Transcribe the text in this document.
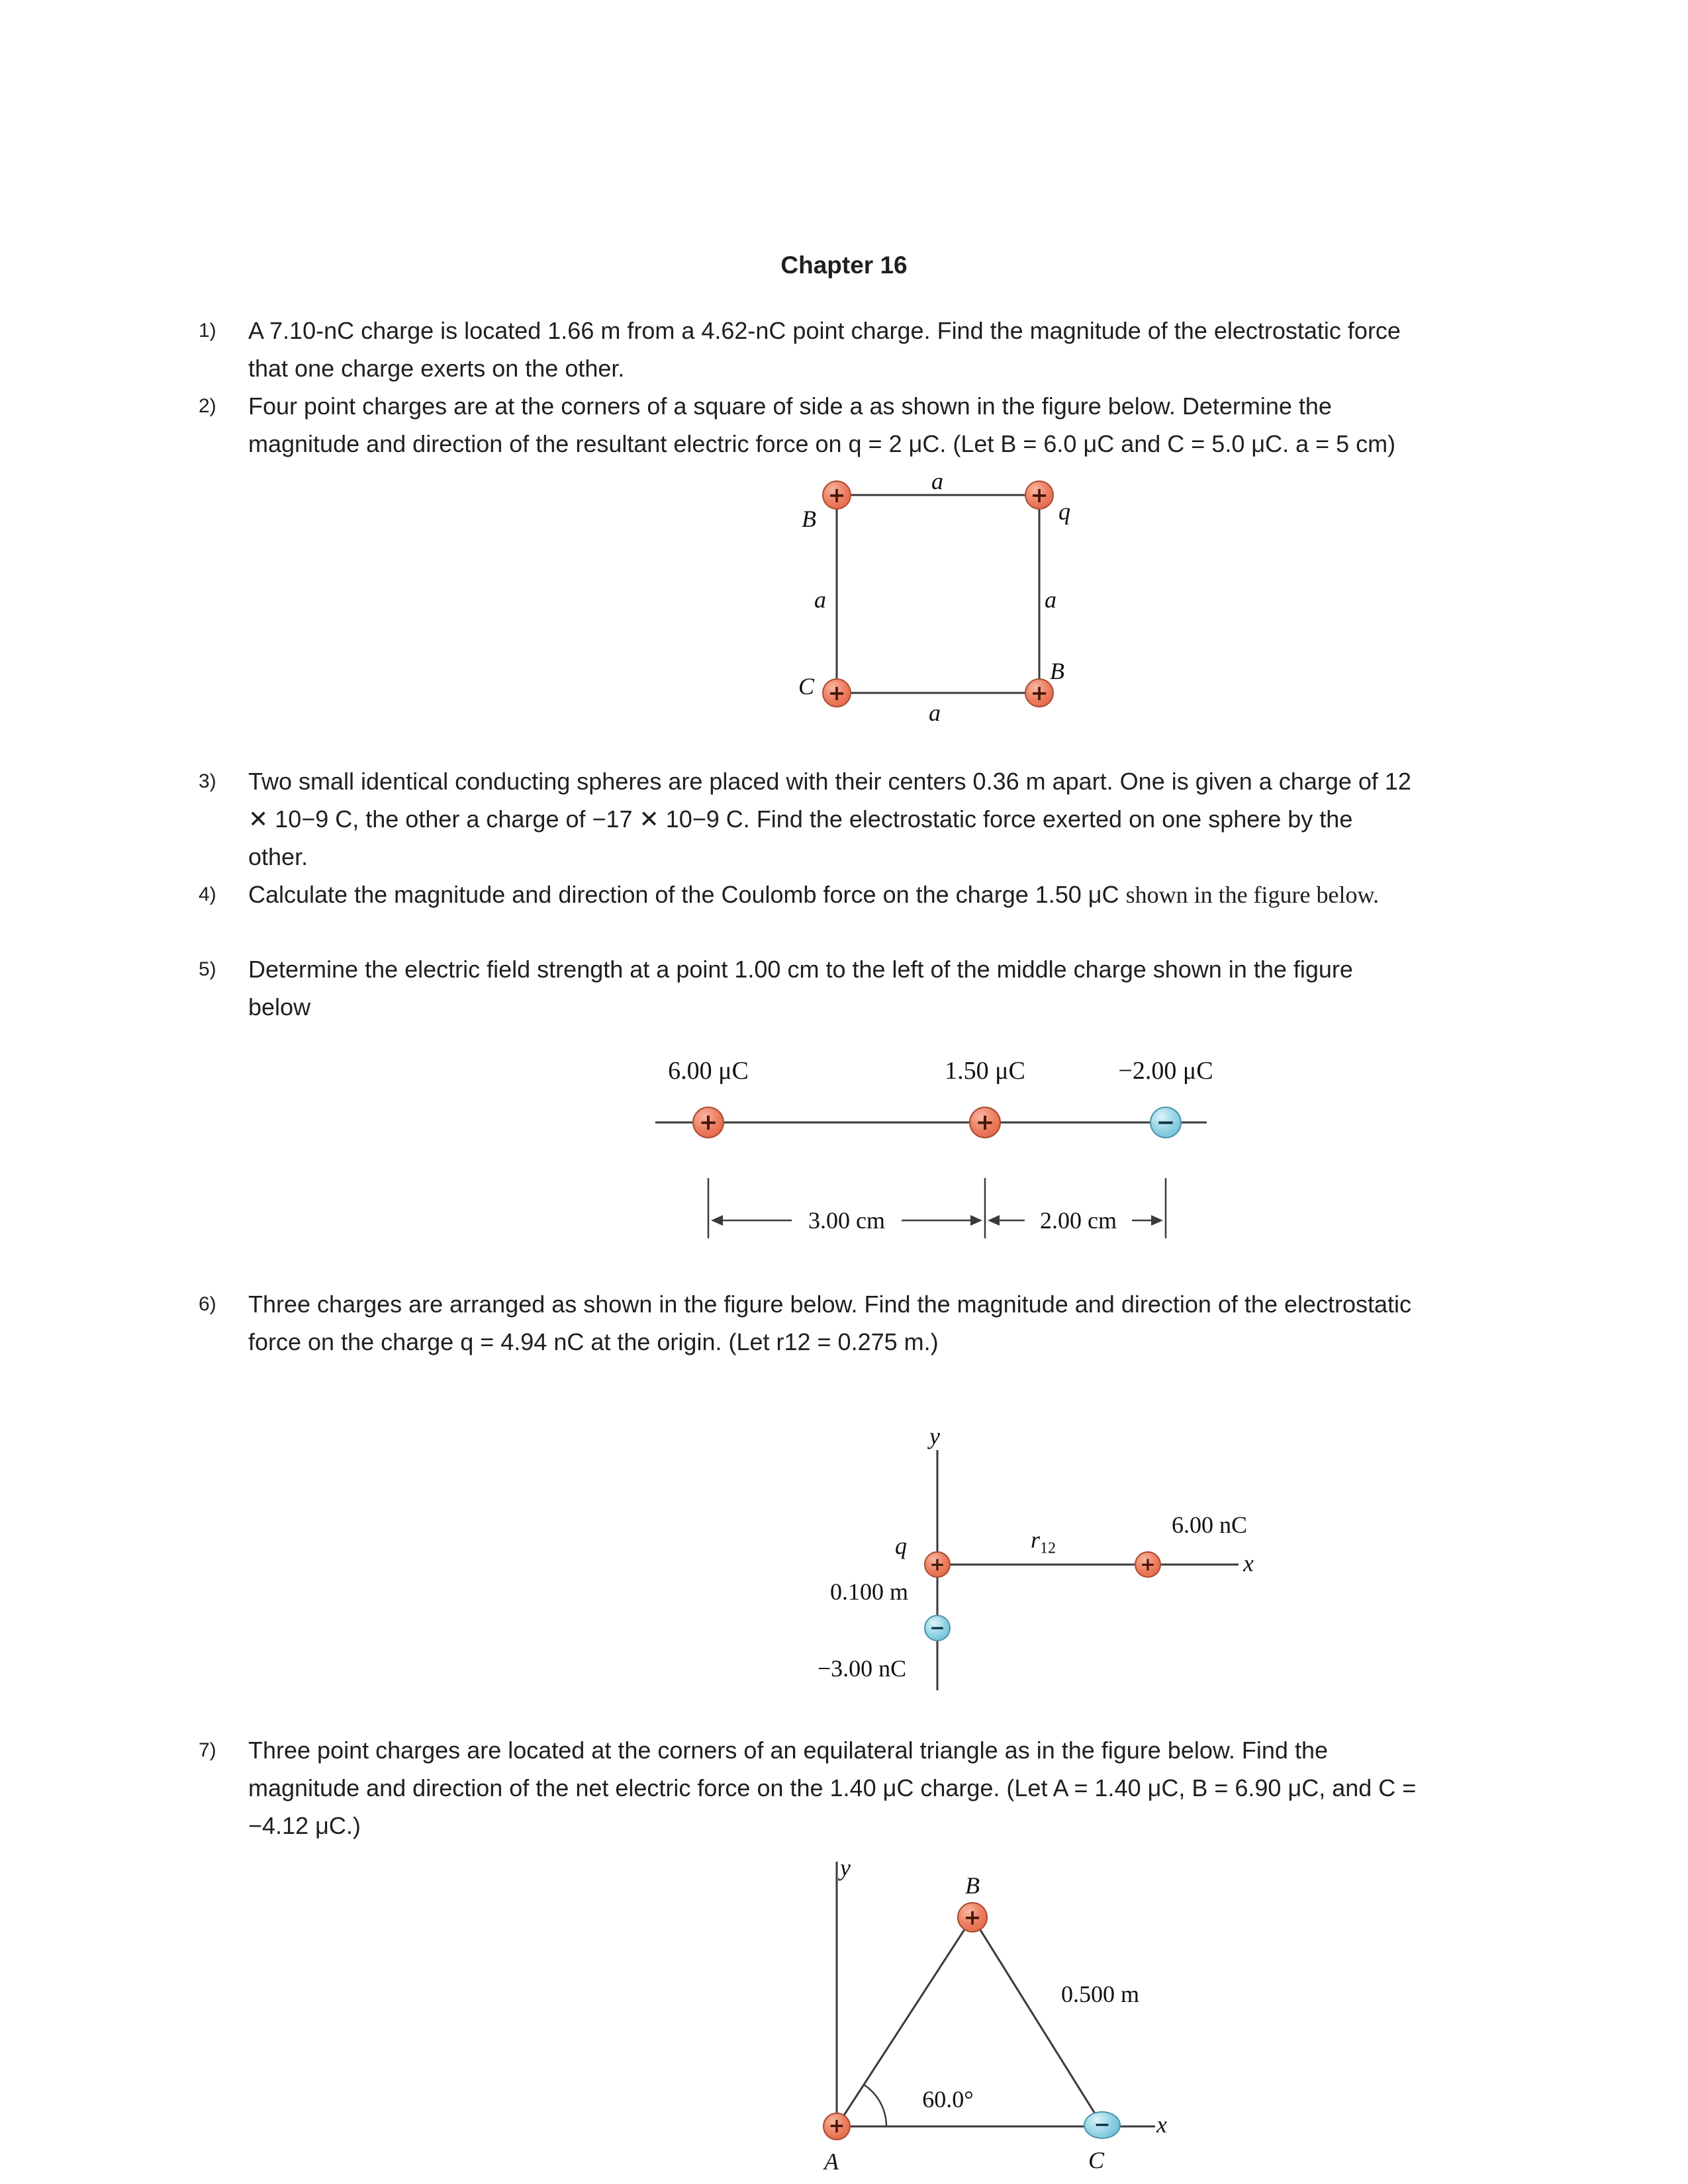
Chapter 16
1)	A 7.10-nC charge is located 1.66 m from a 4.62-nC point charge. Find the magnitude of the electrostatic force that one charge exerts on the other.
2)	Four point charges are at the corners of a square of side a as shown in the figure below. Determine the magnitude and direction of the resultant electric force on q = 2 μC. (Let B = 6.0 μC and C = 5.0 μC. a = 5 cm)
+	+
+	+
B	q
C
B
a
a	a
a
3)	Two small identical conducting spheres are placed with their centers 0.36 m apart. One is given a charge of 12 ✕ 10−9 C, the other a charge of −17 ✕ 10−9 C. Find the electrostatic force exerted on one sphere by the other.
4)	Calculate the magnitude and direction of the Coulomb force on the charge 1.50 μC shown in the figure below.
5)	Determine the electric field strength at a point 1.00 cm to the left of the middle charge shown in the figure below
6.00 μC	1.50 μC	−2.00 μC
+	+	−
3.00 cm	2.00 cm
6)	Three charges are arranged as shown in the figure below. Find the magnitude and direction of the electrostatic force on the charge q = 4.94 nC at the origin. (Let r12 = 0.275 m.)
y
x
q	$r_{12}$
6.00 nC
0.100 m
−3.00 nC
+	+
−
7)	Three point charges are located at the corners of an equilateral triangle as in the figure below. Find the magnitude and direction of the net electric force on the 1.40 μC charge. (Let A = 1.40 μC, B = 6.90 μC, and C = −4.12 μC.)
y
x
B
A	C
0.500 m
60.0°
+
+	−
